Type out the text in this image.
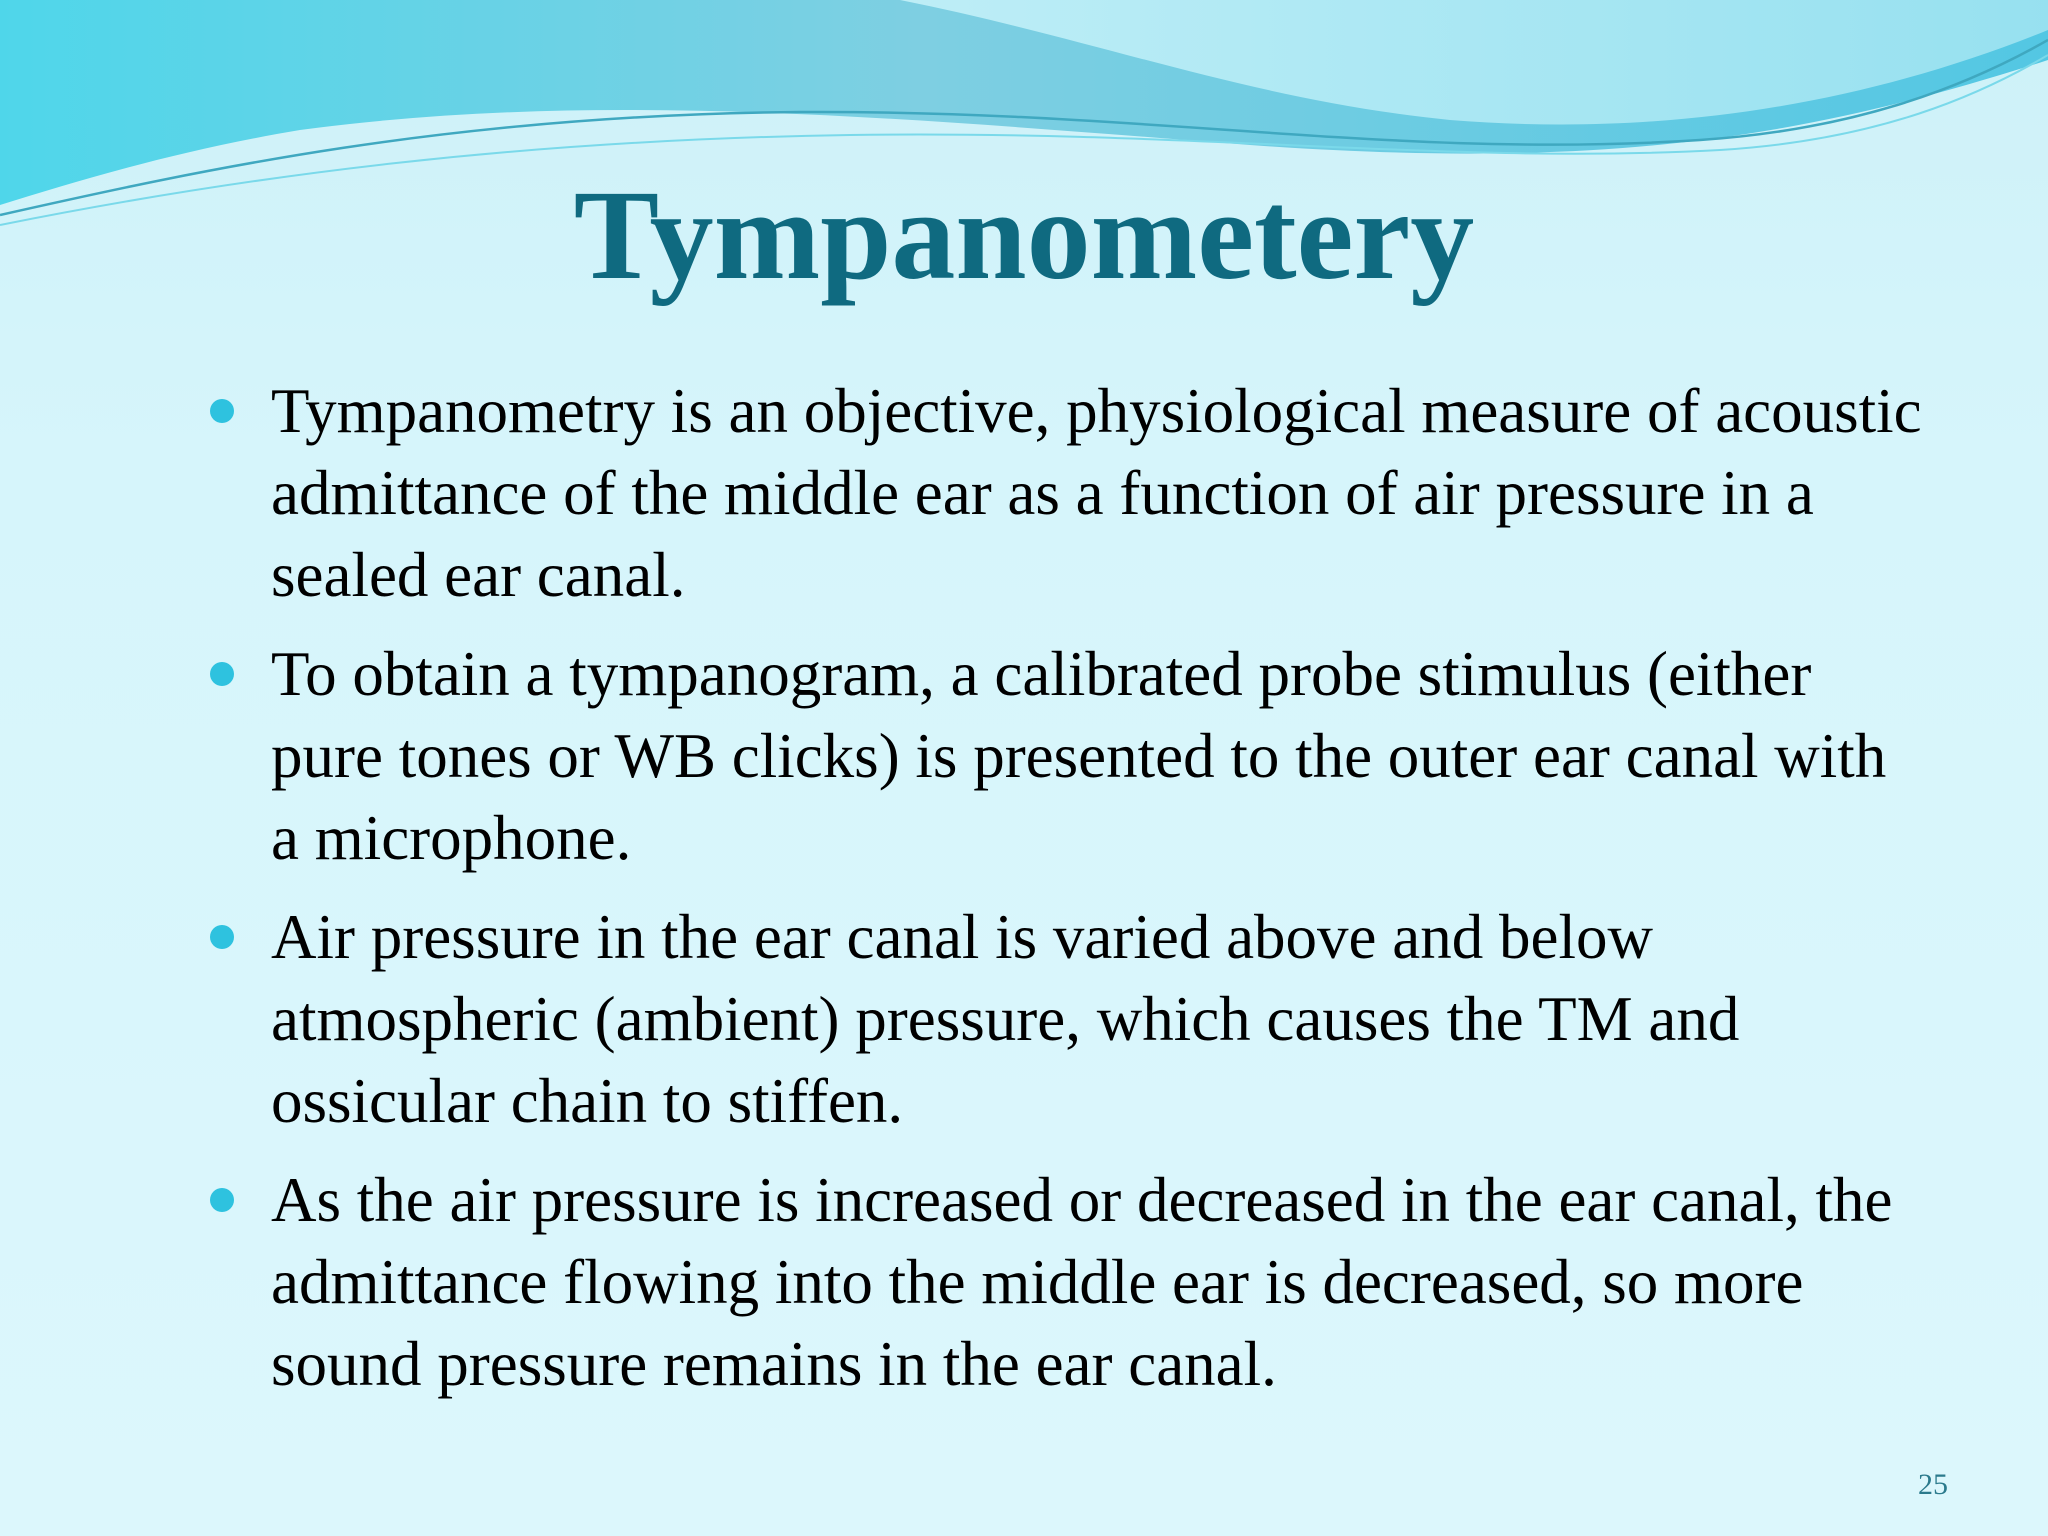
Tympanometery
Tympanometry is an objective, physiological measure of acoustic admittance of the middle ear as a function of air pressure in a sealed ear canal.
To obtain a tympanogram, a calibrated probe stimulus (either pure tones or WB clicks) is presented to the outer ear canal with a microphone.
Air pressure in the ear canal is varied above and below atmospheric (ambient) pressure, which causes the TM and ossicular chain to stiffen.
As the air pressure is increased or decreased in the ear canal, the admittance flowing into the middle ear is decreased, so more sound pressure remains in the ear canal.
25
